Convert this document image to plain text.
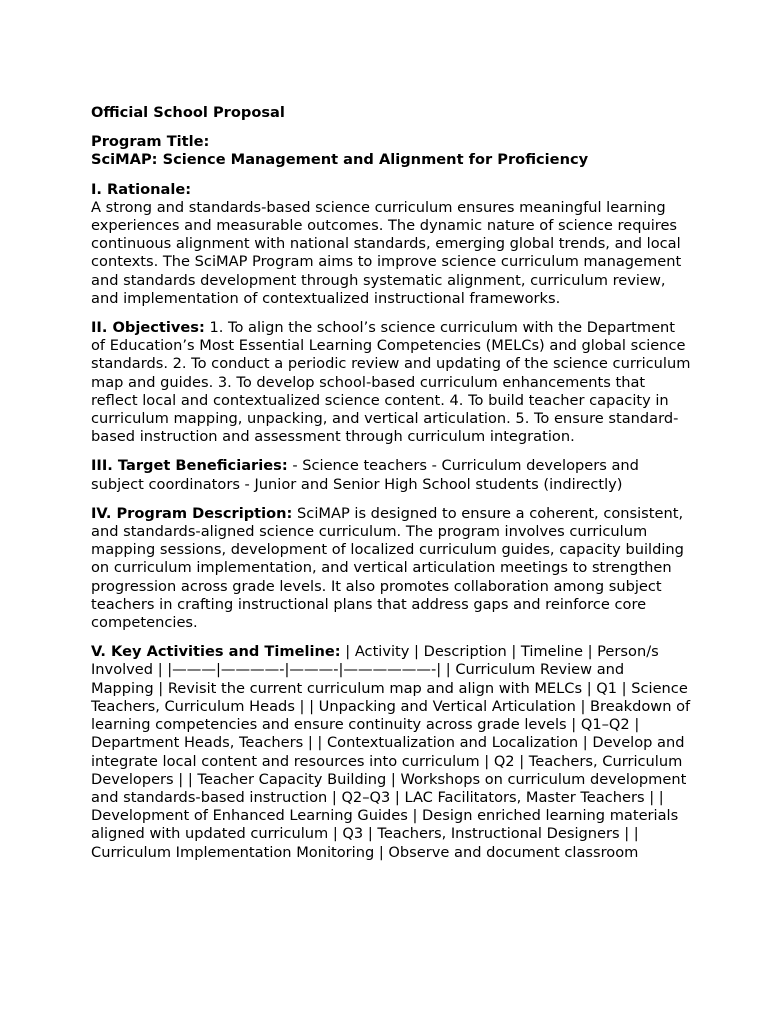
Official School Proposal
Program Title:
SciMAP: Science Management and Alignment for Proficiency
I. Rationale:

A strong and standards-based science curriculum ensures meaningful learning experiences and measurable outcomes. The dynamic nature of science requires continuous alignment with national standards, emerging global trends, and local contexts. The SciMAP Program aims to improve science curriculum management and standards development through systematic alignment, curriculum review, and implementation of contextualized instructional frameworks.

II. Objectives: 1. To align the school’s science curriculum with the Department of Education’s Most Essential Learning Competencies (MELCs) and global science standards. 2. To conduct a periodic review and updating of the science curriculum map and guides. 3. To develop school-based curriculum enhancements that reflect local and contextualized science content. 4. To build teacher capacity in curriculum mapping, unpacking, and vertical articulation. 5. To ensure standard-based instruction and assessment through curriculum integration.

III. Target Beneficiaries: - Science teachers - Curriculum developers and subject coordinators - Junior and Senior High School students (indirectly)

IV. Program Description: SciMAP is designed to ensure a coherent, consistent, and standards-aligned science curriculum. The program involves curriculum mapping sessions, development of localized curriculum guides, capacity building on curriculum implementation, and vertical articulation meetings to strengthen progression across grade levels. It also promotes collaboration among subject teachers in crafting instructional plans that address gaps and reinforce core competencies.

V. Key Activities and Timeline: | Activity | Description | Timeline | Person/s Involved | |———|————-|———-|——————-| | Curriculum Review and Mapping | Revisit the current curriculum map and align with MELCs | Q1 | Science Teachers, Curriculum Heads | | Unpacking and Vertical Articulation | Breakdown of learning competencies and ensure continuity across grade levels | Q1–Q2 | Department Heads, Teachers | | Contextualization and Localization | Develop and integrate local content and resources into curriculum | Q2 | Teachers, Curriculum Developers | | Teacher Capacity Building | Workshops on curriculum development and standards-based instruction | Q2–Q3 | LAC Facilitators, Master Teachers | | Development of Enhanced Learning Guides | Design enriched learning materials aligned with updated curriculum | Q3 | Teachers, Instructional Designers | | Curriculum Implementation Monitoring | Observe and document classroom
